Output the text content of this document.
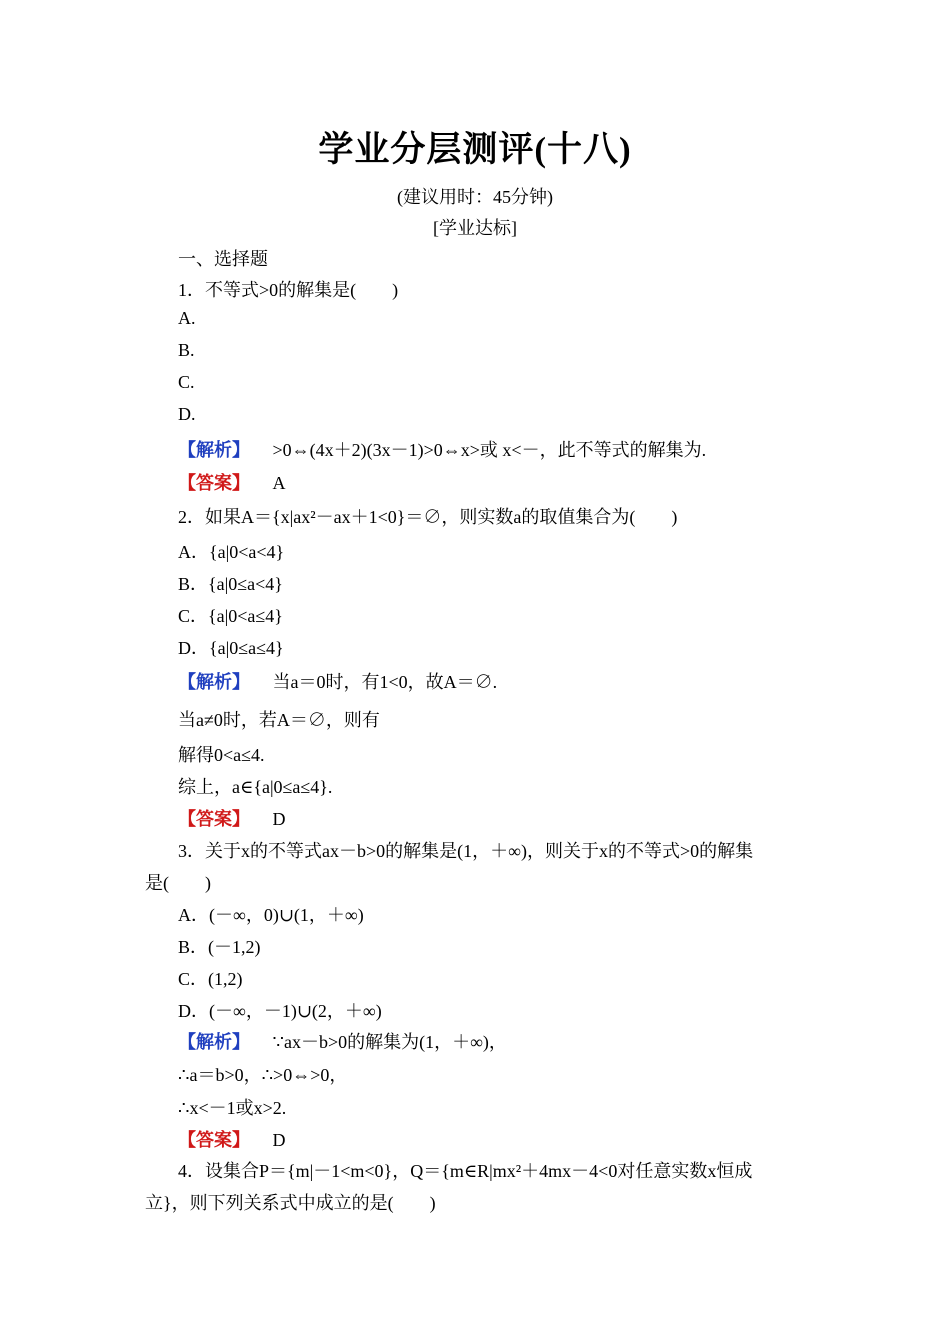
学业分层测评(十八)
(建议用时：45分钟)
[学业达标]
一、选择题
1．不等式>0的解集是(　　)
A.
B.
C.
D.
【解析】 >0⇔(4x＋2)(3x－1)>0⇔x>或 x<－，此不等式的解集为.
【答案】 A
2．如果A＝{x|ax²－ax＋1<0}＝∅，则实数a的取值集合为(　　)
A．{a|0<a<4}
B．{a|0≤a<4}
C．{a|0<a≤4}
D．{a|0≤a≤4}
【解析】 当a＝0时，有1<0，故A＝∅.
当a≠0时，若A＝∅，则有
解得0<a≤4.
综上，a∈{a|0≤a≤4}.
【答案】 D
3．关于x的不等式ax－b>0的解集是(1，＋∞)，则关于x的不等式>0的解集
是(　　)
A．(－∞，0)∪(1，＋∞)
B．(－1,2)
C．(1,2)
D．(－∞，－1)∪(2，＋∞)
【解析】 ∵ax－b>0的解集为(1，＋∞)，
∴a＝b>0，∴>0⇔>0，
∴x<－1或x>2.
【答案】 D
4．设集合P＝{m|－1<m<0}，Q＝{m∈R|mx²＋4mx－4<0对任意实数x恒成
立}，则下列关系式中成立的是(　　)
